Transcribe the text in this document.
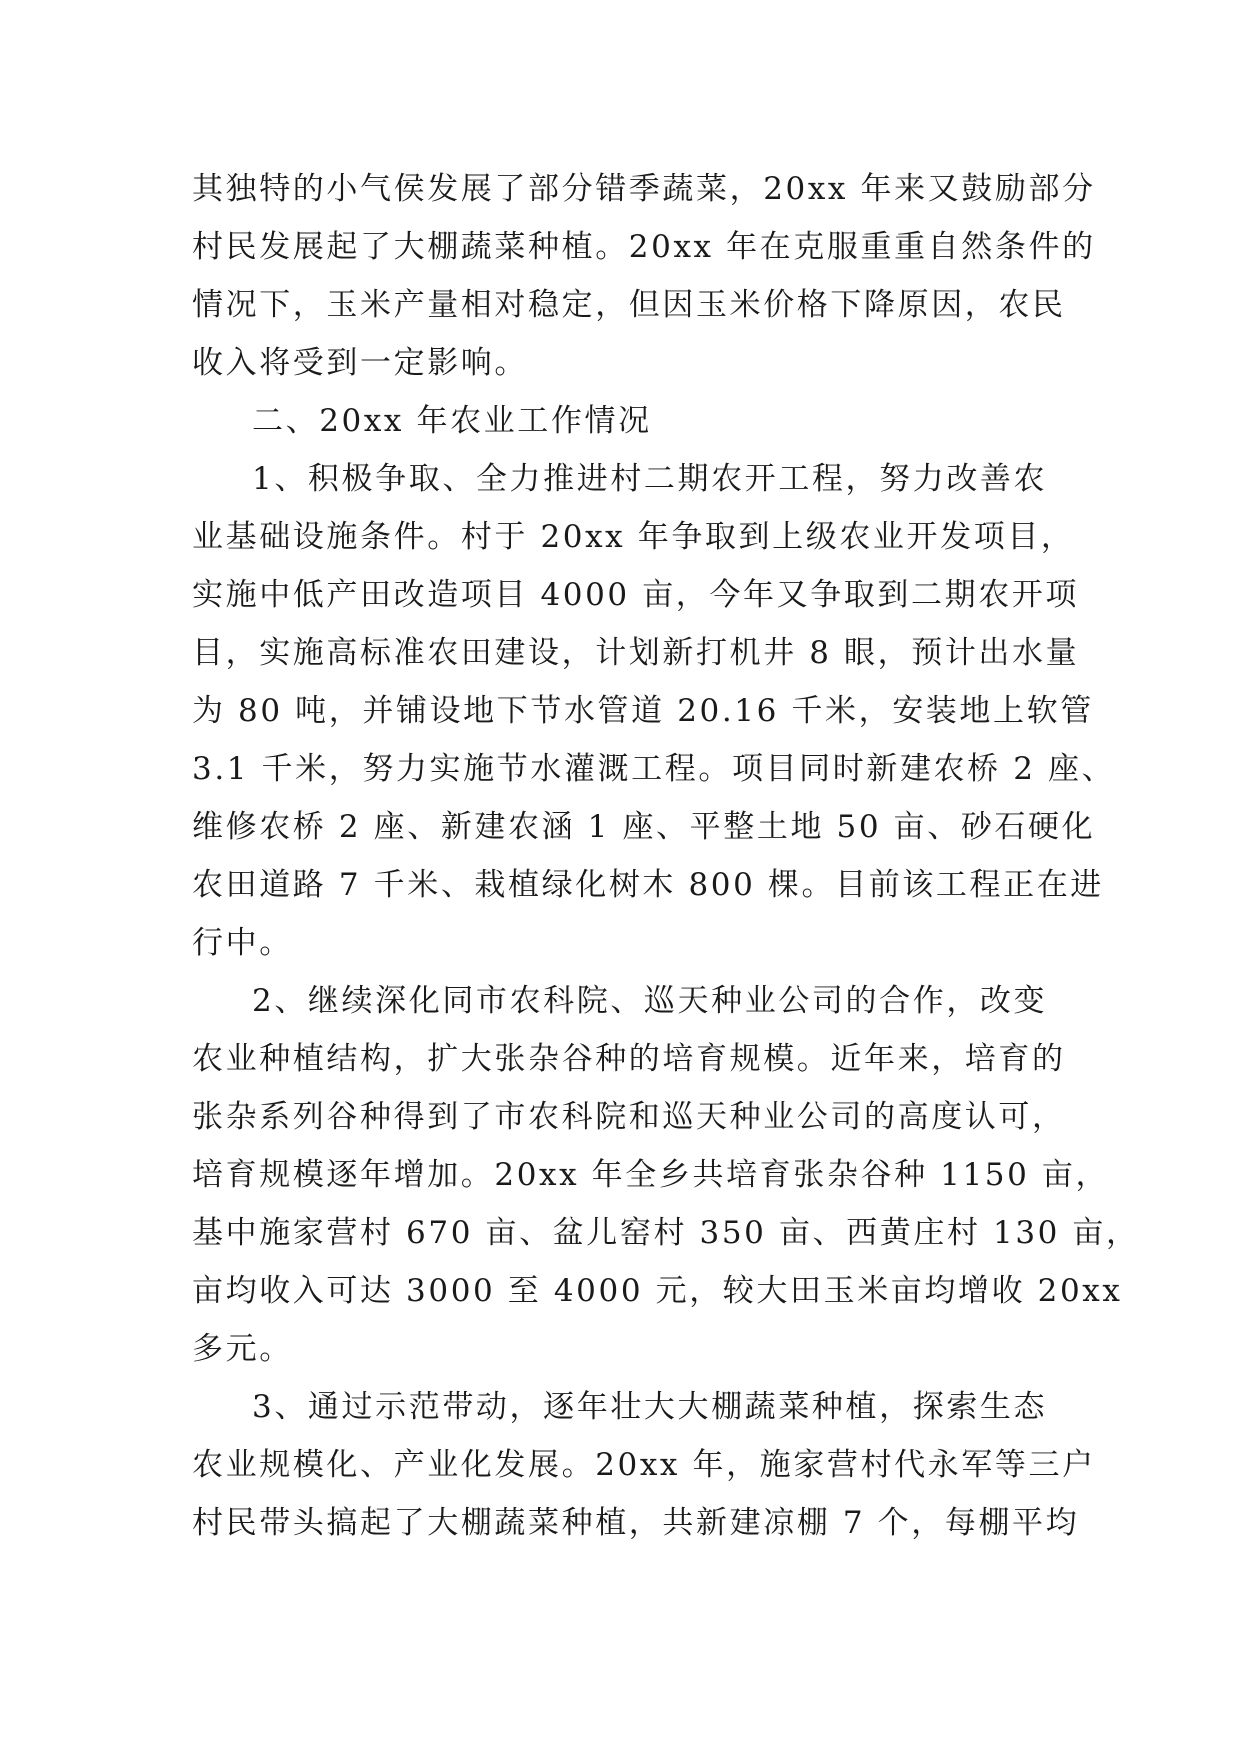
其独特的小气侯发展了部分错季蔬菜，20xx 年来又鼓励部分
村民发展起了大棚蔬菜种植。20xx 年在克服重重自然条件的
情况下，玉米产量相对稳定，但因玉米价格下降原因，农民
收入将受到一定影响。
二、20xx 年农业工作情况
1、积极争取、全力推进村二期农开工程，努力改善农
业基础设施条件。村于 20xx 年争取到上级农业开发项目，
实施中低产田改造项目 4000 亩，今年又争取到二期农开项
目，实施高标准农田建设，计划新打机井 8 眼，预计出水量
为 80 吨，并铺设地下节水管道 20.16 千米，安装地上软管
3.1 千米，努力实施节水灌溉工程。项目同时新建农桥 2 座、
维修农桥 2 座、新建农涵 1 座、平整土地 50 亩、砂石硬化
农田道路 7 千米、栽植绿化树木 800 棵。目前该工程正在进
行中。
2、继续深化同市农科院、巡天种业公司的合作，改变
农业种植结构，扩大张杂谷种的培育规模。近年来，培育的
张杂系列谷种得到了市农科院和巡天种业公司的高度认可，
培育规模逐年增加。20xx 年全乡共培育张杂谷种 1150 亩，
基中施家营村 670 亩、盆儿窑村 350 亩、西黄庄村 130 亩，
亩均收入可达 3000 至 4000 元，较大田玉米亩均增收 20xx
多元。
3、通过示范带动，逐年壮大大棚蔬菜种植，探索生态
农业规模化、产业化发展。20xx 年，施家营村代永军等三户
村民带头搞起了大棚蔬菜种植，共新建凉棚 7 个，每棚平均
